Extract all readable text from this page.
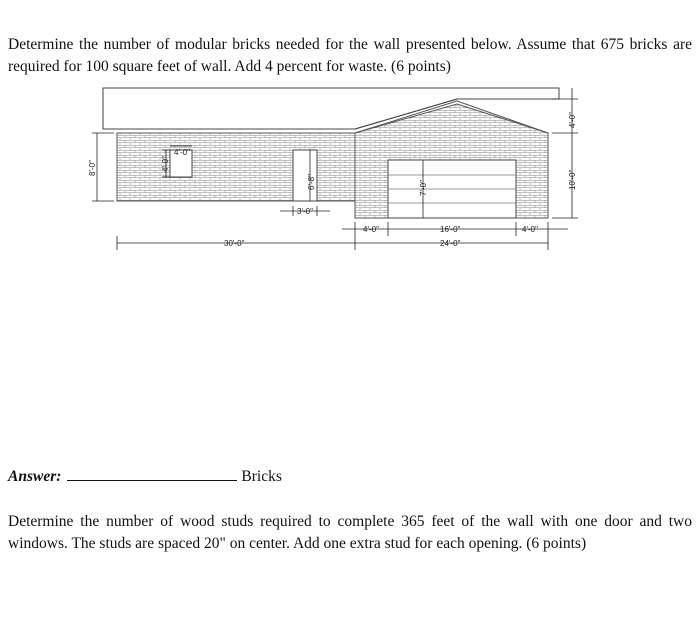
Determine the number of modular bricks needed for the wall presented below. Assume that 675 bricks are required for 100 square feet of wall. Add 4 percent for waste. (6 points)
8'-0"	4'-0"
4'-0"
6'-8"
3'-0"
7'-0"
4'-0"	16'-0"	4'-0"
30'-0"	24'-0"
4'-0"
10'-0"
Answer:	Bricks
Determine the number of wood studs required to complete 365 feet of the wall with one door and two windows. The studs are spaced 20" on center. Add one extra stud for each opening. (6 points)
